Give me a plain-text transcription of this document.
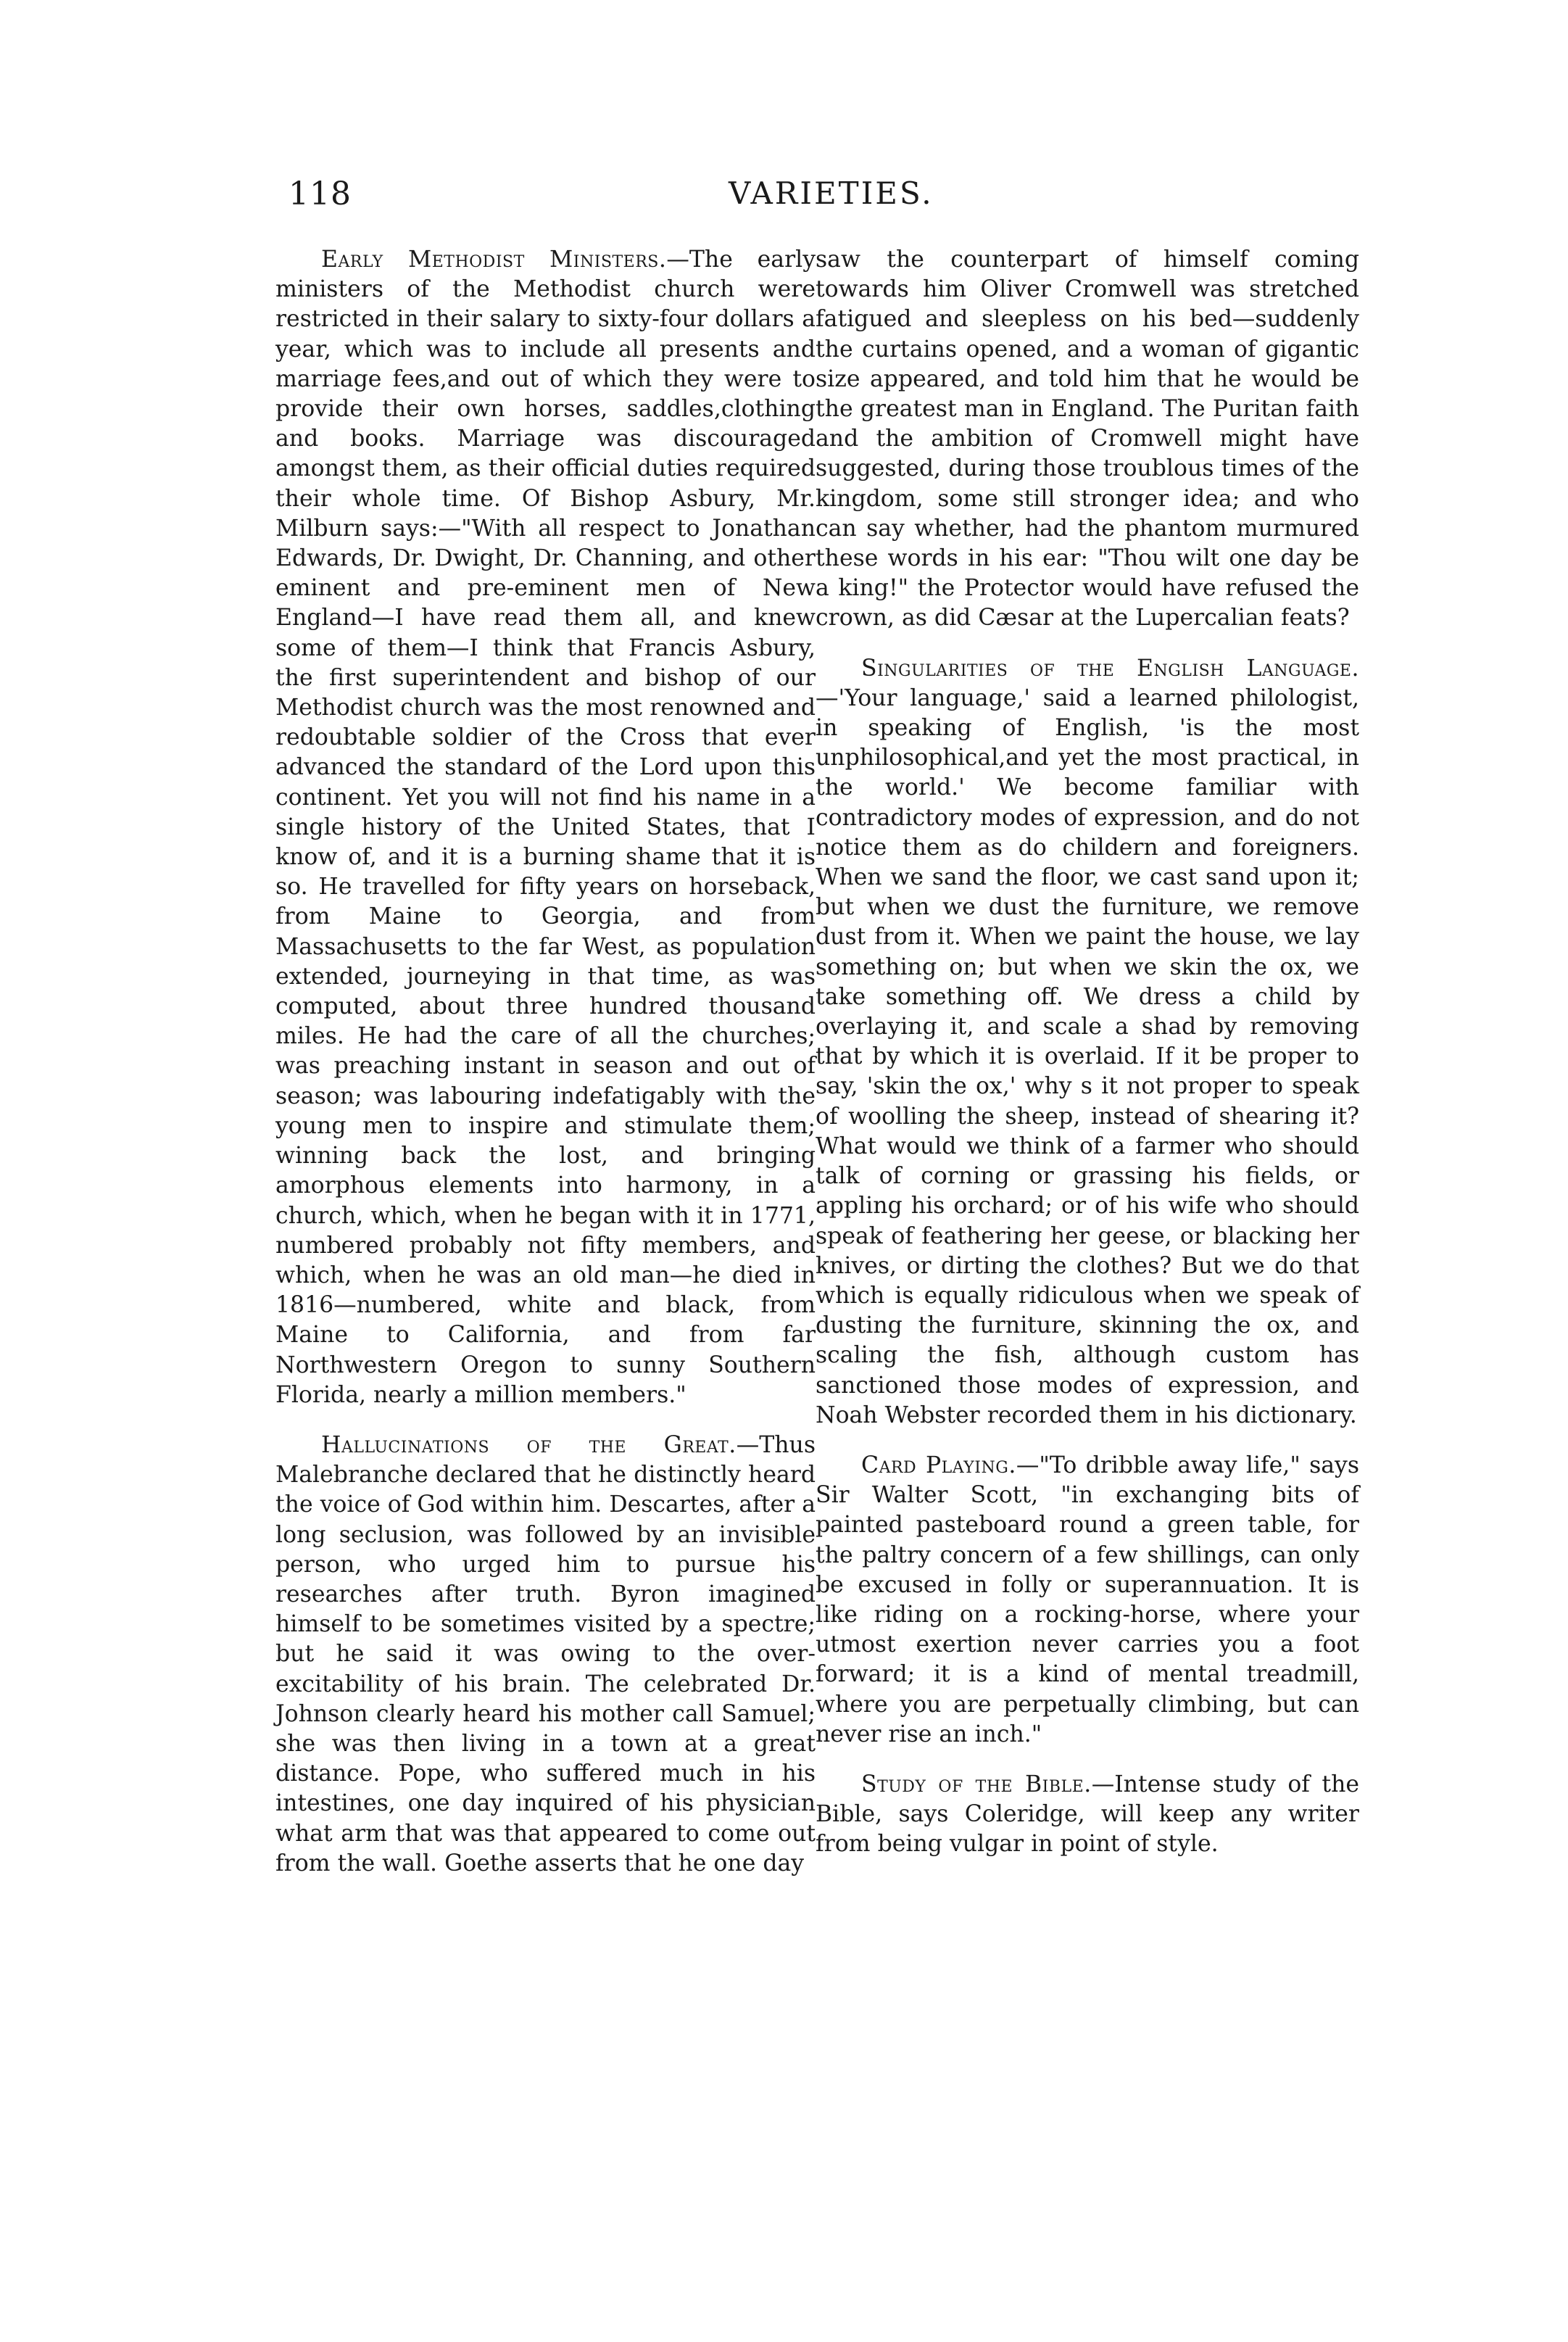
118	VARIETIES.

Early Methodist Ministers.—The early ministers of the Methodist church were restricted in their salary to sixty-four dollars a year, which was to include all presents and marriage fees,and out of which they were to provide their own horses, saddles,clothing and books. Marriage was discouraged amongst them, as their official duties required their whole time. Of Bishop Asbury, Mr. Milburn says:—"With all respect to Jonathan Edwards, Dr. Dwight, Dr. Channing, and other eminent and pre-eminent men of New England—I have read them all, and knew some of them—I think that Francis Asbury, the first superintendent and bishop of our Methodist church was the most renowned and redoubtable soldier of the Cross that ever advanced the standard of the Lord upon this continent. Yet you will not find his name in a single history of the United States, that I know of, and it is a burning shame that it is so. He travelled for fifty years on horseback, from Maine to Georgia, and from Massachusetts to the far West, as population extended, journeying in that time, as was computed, about three hundred thousand miles. He had the care of all the churches; was preaching instant in season and out of season; was labouring indefatigably with the young men to inspire and stimulate them; winning back the lost, and bringing amorphous elements into harmony, in a church, which, when he began with it in 1771, numbered probably not fifty members, and which, when he was an old man—he died in 1816—numbered, white and black, from Maine to California, and from far Northwestern Oregon to sunny Southern Florida, nearly a million members."

Hallucinations of the Great.—Thus Malebranche declared that he distinctly heard the voice of God within him. Descartes, after a long seclusion, was followed by an invisible person, who urged him to pursue his researches after truth. Byron imagined himself to be sometimes visited by a spectre; but he said it was owing to the over-excitability of his brain. The celebrated Dr. Johnson clearly heard his mother call Samuel; she was then living in a town at a great distance. Pope, who suffered much in his intestines, one day inquired of his physician what arm that was that appeared to come out from the wall. Goethe asserts that he one day

saw the counterpart of himself coming towards him Oliver Cromwell was stretched fatigued and sleepless on his bed—suddenly the curtains opened, and a woman of gigantic size appeared, and told him that he would be the greatest man in England. The Puritan faith and the ambition of Cromwell might have suggested, during those troublous times of the kingdom, some still stronger idea; and who can say whether, had the phantom murmured these words in his ear: "Thou wilt one day be a king!" the Protector would have refused the crown, as did Cæsar at the Lupercalian feats?

Singularities of the English Language.—'Your language,' said a learned philologist, in speaking of English, 'is the most unphilosophical,and yet the most practical, in the world.' We become familiar with contradictory modes of expression, and do not notice them as do childern and foreigners. When we sand the floor, we cast sand upon it; but when we dust the furniture, we remove dust from it. When we paint the house, we lay something on; but when we skin the ox, we take something off. We dress a child by overlaying it, and scale a shad by removing that by which it is overlaid. If it be proper to say, 'skin the ox,' why s it not proper to speak of woolling the sheep, instead of shearing it? What would we think of a farmer who should talk of corning or grassing his fields, or appling his orchard; or of his wife who should speak of feathering her geese, or blacking her knives, or dirting the clothes? But we do that which is equally ridiculous when we speak of dusting the furniture, skinning the ox, and scaling the fish, although custom has sanctioned those modes of expression, and Noah Webster recorded them in his dictionary.

Card Playing.—"To dribble away life," says Sir Walter Scott, "in exchanging bits of painted pasteboard round a green table, for the paltry concern of a few shillings, can only be excused in folly or superannuation. It is like riding on a rocking-horse, where your utmost exertion never carries you a foot forward; it is a kind of mental treadmill, where you are perpetually climbing, but can never rise an inch."

Study of the Bible.—Intense study of the Bible, says Coleridge, will keep any writer from being vulgar in point of style.
